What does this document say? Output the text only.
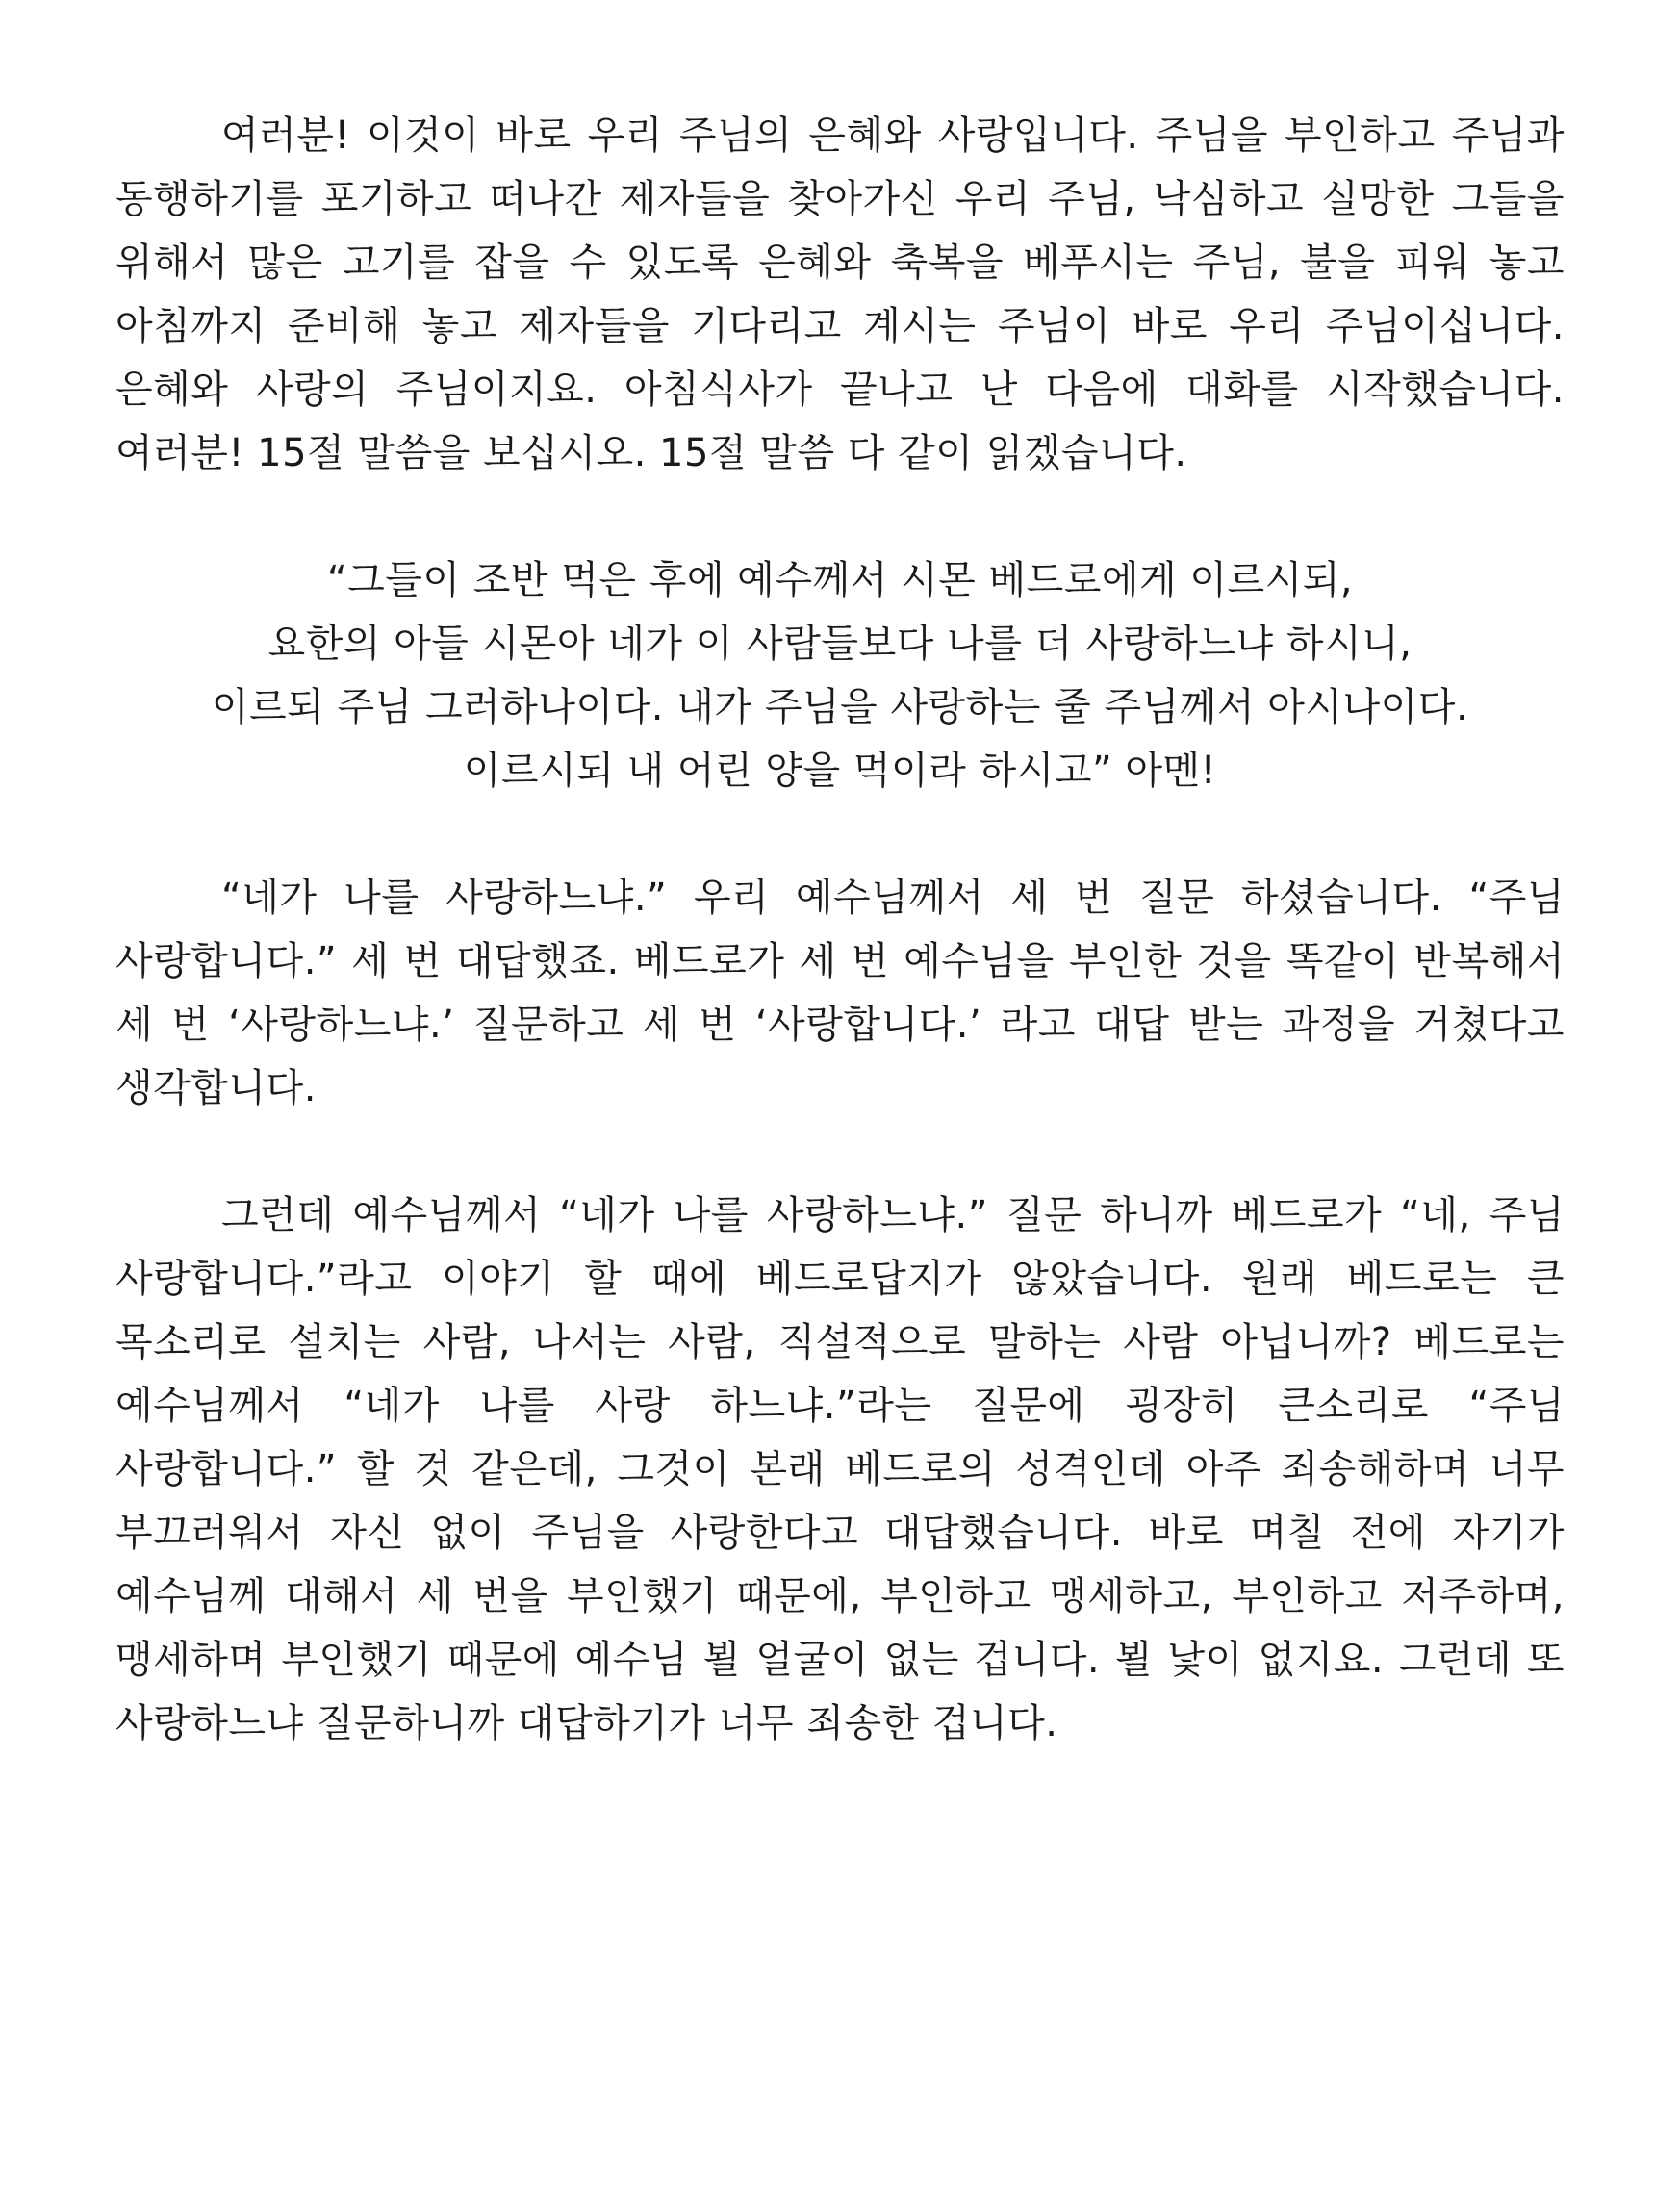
여러분! 이것이 바로 우리 주님의 은혜와 사랑입니다. 주님을 부인하고 주님과 동행하기를 포기하고 떠나간 제자들을 찾아가신 우리 주님, 낙심하고 실망한 그들을 위해서 많은 고기를 잡을 수 있도록 은혜와 축복을 베푸시는 주님, 불을 피워 놓고 아침까지 준비해 놓고 제자들을 기다리고 계시는 주님이 바로 우리 주님이십니다. 은혜와 사랑의 주님이지요. 아침식사가 끝나고 난 다음에 대화를 시작했습니다. 여러분! 15절 말씀을 보십시오. 15절 말씀 다 같이 읽겠습니다.

“그들이 조반 먹은 후에 예수께서 시몬 베드로에게 이르시되,
요한의 아들 시몬아 네가 이 사람들보다 나를 더 사랑하느냐 하시니,
이르되 주님 그러하나이다. 내가 주님을 사랑하는 줄 주님께서 아시나이다.
이르시되 내 어린 양을 먹이라 하시고” 아멘!

“네가 나를 사랑하느냐.” 우리 예수님께서 세 번 질문 하셨습니다. “주님 사랑합니다.” 세 번 대답했죠. 베드로가 세 번 예수님을 부인한 것을 똑같이 반복해서 세 번 ‘사랑하느냐.’ 질문하고 세 번 ‘사랑합니다.’ 라고 대답 받는 과정을 거쳤다고 생각합니다.

그런데 예수님께서 “네가 나를 사랑하느냐.” 질문 하니까 베드로가 “네, 주님 사랑합니다.”라고 이야기 할 때에 베드로답지가 않았습니다. 원래 베드로는 큰 목소리로 설치는 사람, 나서는 사람, 직설적으로 말하는 사람 아닙니까? 베드로는 예수님께서 “네가 나를 사랑 하느냐.”라는 질문에 굉장히 큰소리로 “주님 사랑합니다.” 할 것 같은데, 그것이 본래 베드로의 성격인데 아주 죄송해하며 너무 부끄러워서 자신 없이 주님을 사랑한다고 대답했습니다. 바로 며칠 전에 자기가 예수님께 대해서 세 번을 부인했기 때문에, 부인하고 맹세하고, 부인하고 저주하며, 맹세하며 부인했기 때문에 예수님 뵐 얼굴이 없는 겁니다. 뵐 낯이 없지요. 그런데 또 사랑하느냐 질문하니까 대답하기가 너무 죄송한 겁니다.
